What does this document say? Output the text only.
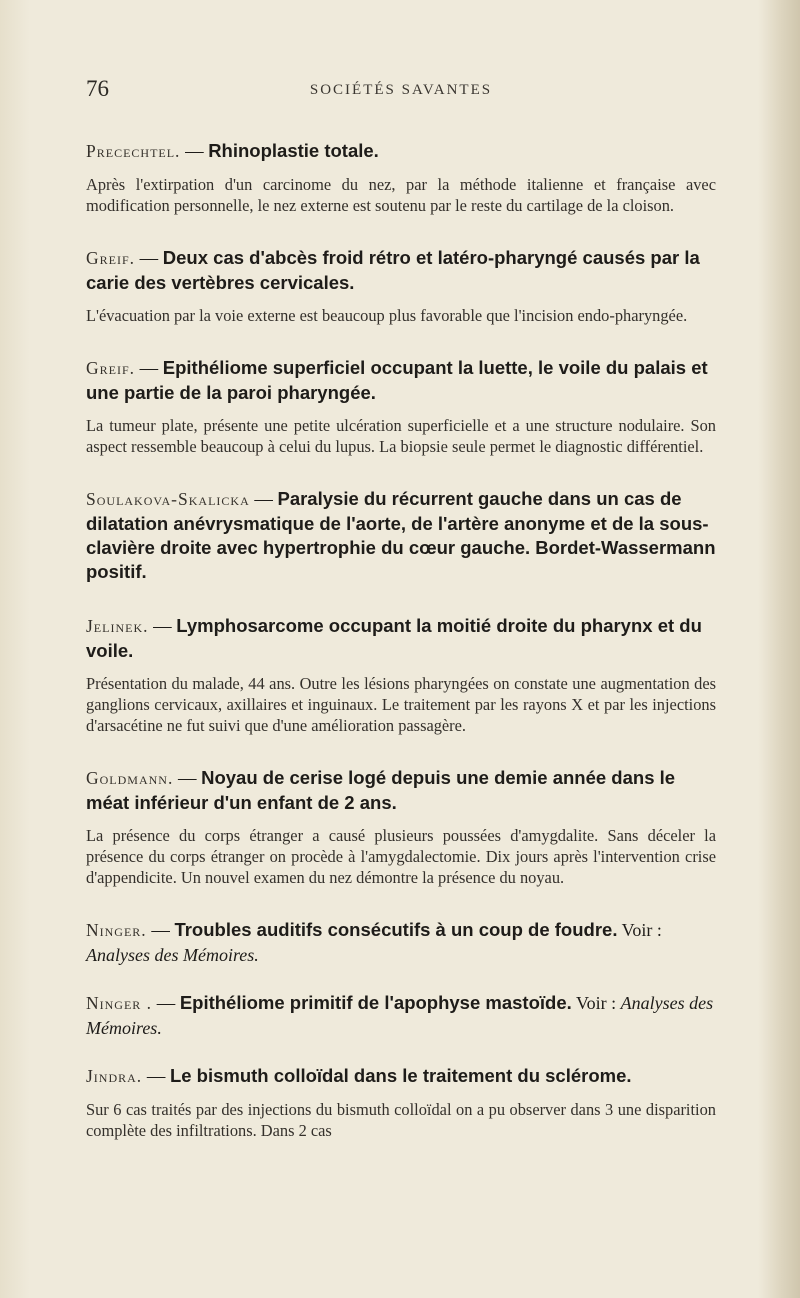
76	SOCIÉTÉS SAVANTES

Precechtel. — Rhinoplastie totale.

Après l'extirpation d'un carcinome du nez, par la méthode italienne et française avec modification personnelle, le nez externe est soutenu par le reste du cartilage de la cloison.

Greif. — Deux cas d'abcès froid rétro et latéro-pharyngé causés par la carie des vertèbres cervicales.

L'évacuation par la voie externe est beaucoup plus favorable que l'incision endo-pharyngée.

Greif. — Epithéliome superficiel occupant la luette, le voile du palais et une partie de la paroi pharyngée.

La tumeur plate, présente une petite ulcération superficielle et a une structure nodulaire. Son aspect ressemble beaucoup à celui du lupus. La biopsie seule permet le diagnostic différentiel.

Soulakova-Skalicka — Paralysie du récurrent gauche dans un cas de dilatation anévrysmatique de l'aorte, de l'artère anonyme et de la sous-clavière droite avec hypertrophie du cœur gauche. Bordet-Wassermann positif.

Jelinek. — Lymphosarcome occupant la moitié droite du pharynx et du voile.

Présentation du malade, 44 ans. Outre les lésions pharyngées on constate une augmentation des ganglions cervicaux, axillaires et inguinaux. Le traitement par les rayons X et par les injections d'arsacétine ne fut suivi que d'une amélioration passagère.

Goldmann. — Noyau de cerise logé depuis une demie année dans le méat inférieur d'un enfant de 2 ans.

La présence du corps étranger a causé plusieurs poussées d'amygdalite. Sans déceler la présence du corps étranger on procède à l'amygdalectomie. Dix jours après l'intervention crise d'appendicite. Un nouvel examen du nez démontre la présence du noyau.

Ninger. — Troubles auditifs consécutifs à un coup de foudre. Voir : Analyses des Mémoires.

Ninger . — Epithéliome primitif de l'apophyse mastoïde. Voir : Analyses des Mémoires.

Jindra. — Le bismuth colloïdal dans le traitement du sclérome.

Sur 6 cas traités par des injections du bismuth colloïdal on a pu observer dans 3 une disparition complète des infiltrations. Dans 2 cas
